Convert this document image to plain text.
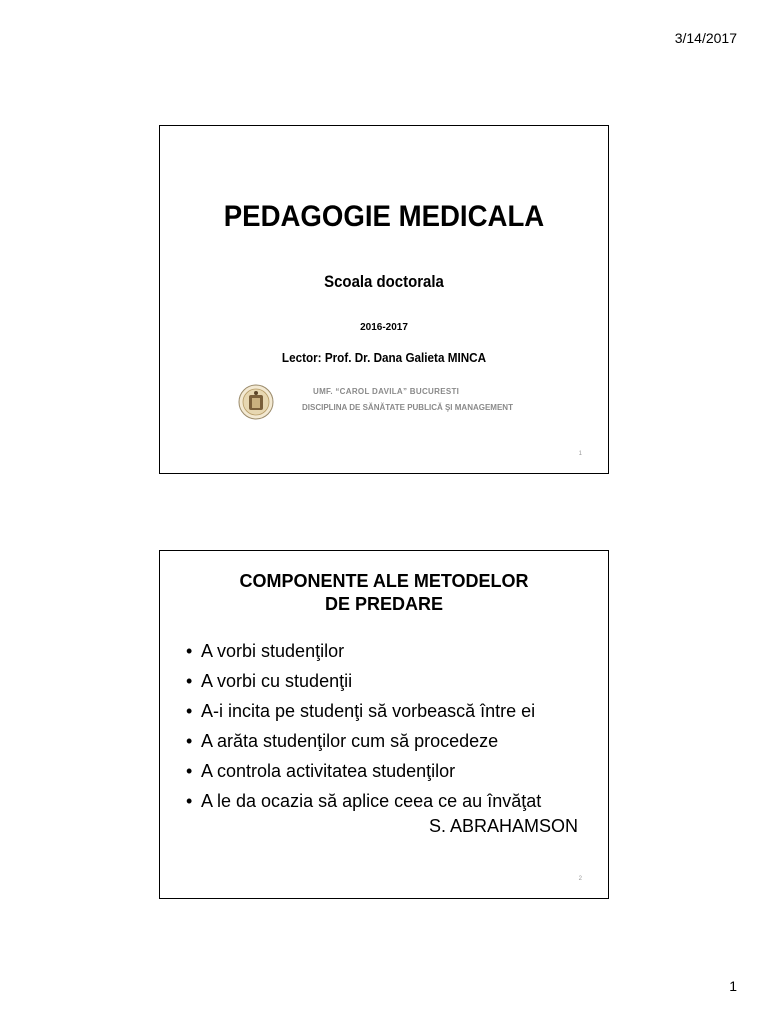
3/14/2017
PEDAGOGIE MEDICALA
Scoala doctorala
2016-2017
Lector: Prof. Dr. Dana Galieta MINCA
UMF. “CAROL DAVILA” BUCURESTI
DISCIPLINA DE SĂNĂTATE PUBLICĂ ŞI MANAGEMENT
1
COMPONENTE ALE METODELOR
DE PREDARE
• A vorbi studenţilor
• A vorbi cu studenţii
• A-i incita pe studenţi să vorbească între ei
• A arăta studenţilor cum să procedeze
• A controla activitatea studenţilor
• A le da ocazia să aplice ceea ce au învăţat
S. ABRAHAMSON
2
1
